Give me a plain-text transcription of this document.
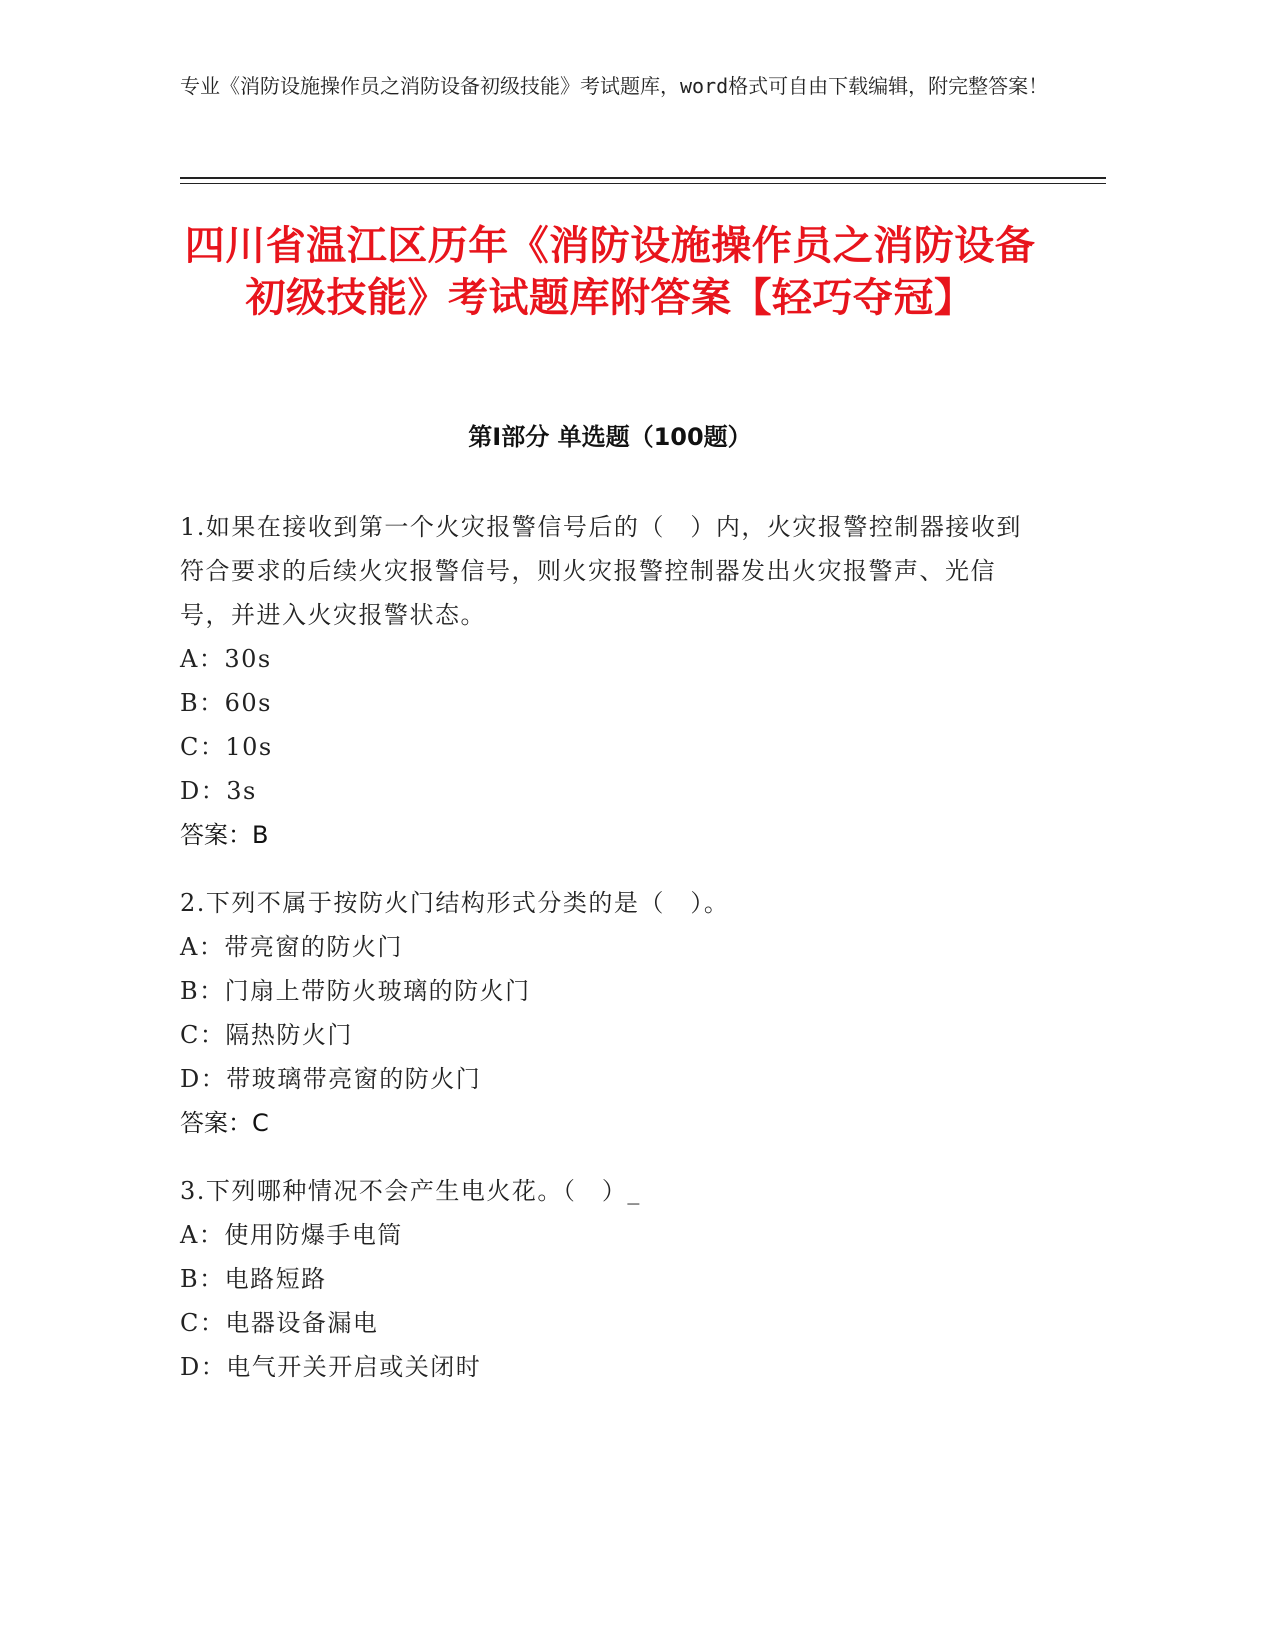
专业《消防设施操作员之消防设备初级技能》考试题库，word格式可自由下载编辑，附完整答案！
四川省温江区历年《消防设施操作员之消防设备初级技能》考试题库附答案【轻巧夺冠】
第Ⅰ部分 单选题（100题）
1.如果在接收到第一个火灾报警信号后的（　）内，火灾报警控制器接收到符合要求的后续火灾报警信号，则火灾报警控制器发出火灾报警声、光信号，并进入火灾报警状态。
A：30s
B：60s
C：10s
D：3s
答案：B
2.下列不属于按防火门结构形式分类的是（　）。
A：带亮窗的防火门
B：门扇上带防火玻璃的防火门
C：隔热防火门
D：带玻璃带亮窗的防火门
答案：C
3.下列哪种情况不会产生电火花。（　）_
A：使用防爆手电筒
B：电路短路
C：电器设备漏电
D：电气开关开启或关闭时
